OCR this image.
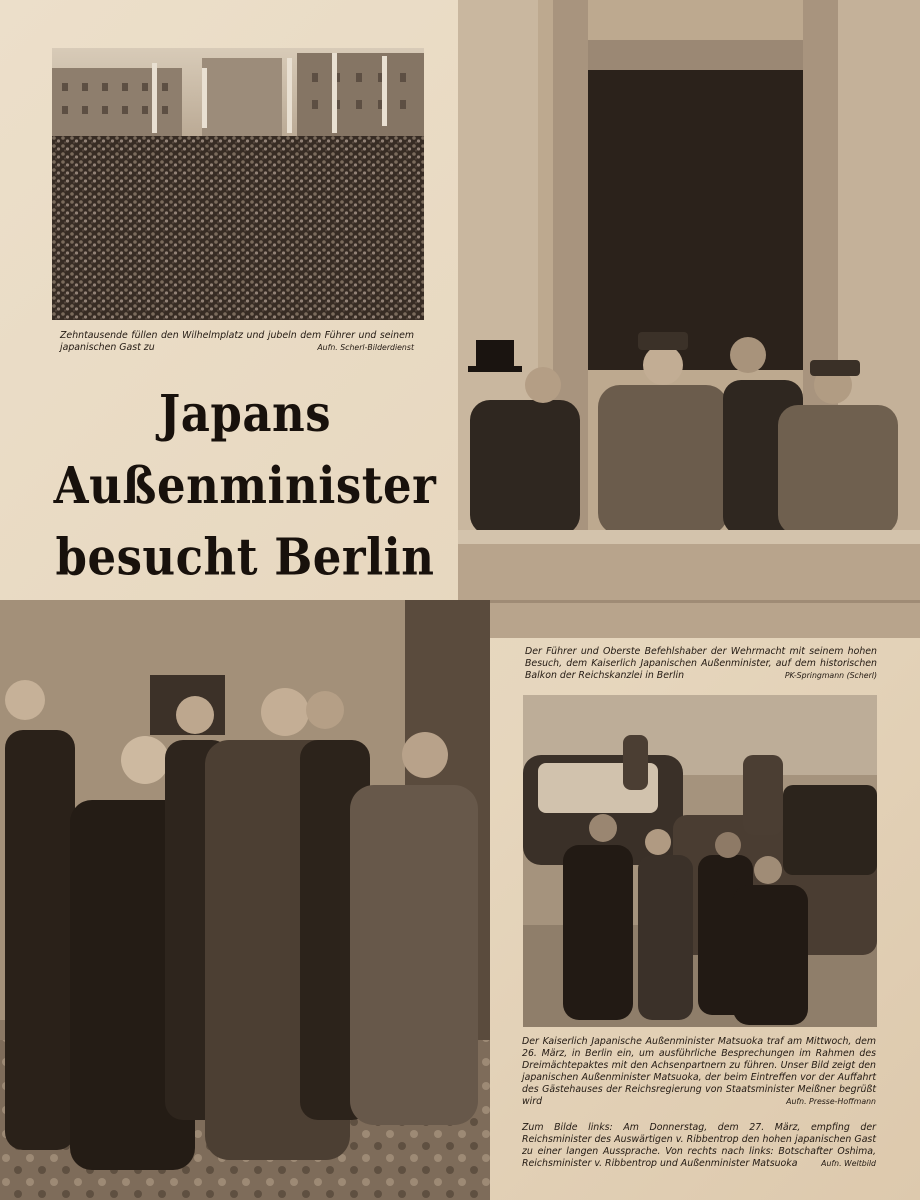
Zehntausende füllen den Wilhelmplatz und jubeln dem Führer und seinem japanischen Gast zu	Aufn. Scherl-Bilderdienst

Japans Außenminister
besucht Berlin

Der Führer und Oberste Befehlshaber der Wehrmacht mit seinem hohen Besuch, dem Kaiserlich Japanischen Außenminister, auf dem historischen Balkon der Reichskanzlei in Berlin	PK-Springmann (Scherl)

Der Kaiserlich Japanische Außenminister Matsuoka traf am Mittwoch, dem 26. März, in Berlin ein, um ausführliche Besprechungen im Rahmen des Dreimächtepaktes mit den Achsenpartnern zu führen. Unser Bild zeigt den japanischen Außenminister Matsuoka, der beim Eintreffen vor der Auffahrt des Gästehauses der Reichsregierung von Staatsminister Meißner begrüßt wird	Aufn. Presse-Hoffmann

Zum Bilde links: Am Donnerstag, dem 27. März, empfing der Reichsminister des Auswärtigen v. Ribbentrop den hohen japanischen Gast zu einer langen Aussprache. Von rechts nach links: Botschafter Oshima, Reichsminister v. Ribbentrop und Außenminister Matsuoka	Aufn. Weltbild
